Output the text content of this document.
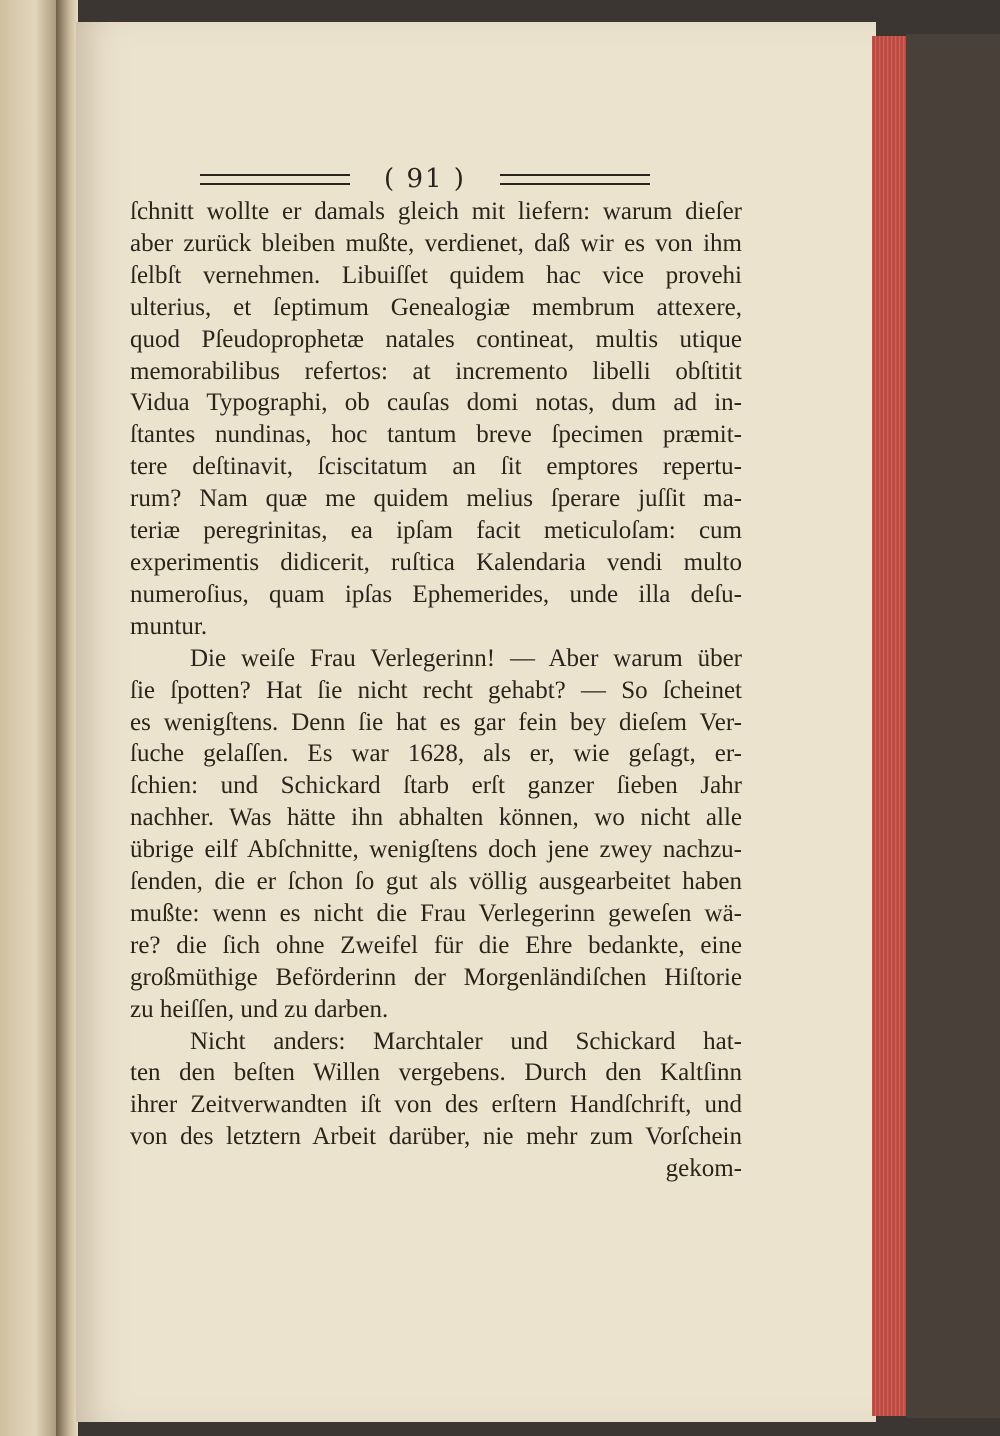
( 91 )
ſchnitt wollte er damals gleich mit liefern: warum dieſer
aber zurück bleiben mußte, verdienet, daß wir es von ihm
ſelbſt vernehmen. Libuiſſet quidem hac vice provehi
ulterius, et ſeptimum Genealogiæ membrum attexere,
quod Pſeudoprophetæ natales contineat, multis utique
memorabilibus refertos: at incremento libelli obſtitit
Vidua Typographi, ob cauſas domi notas, dum ad in-
ſtantes nundinas, hoc tantum breve ſpecimen præmit-
tere deſtinavit, ſciscitatum an ſit emptores repertu-
rum? Nam quæ me quidem melius ſperare juſſit ma-
teriæ peregrinitas, ea ipſam facit meticuloſam: cum
experimentis didicerit, ruſtica Kalendaria vendi multo
numeroſius, quam ipſas Ephemerides, unde illa deſu-
muntur.
Die weiſe Frau Verlegerinn! — Aber warum über
ſie ſpotten? Hat ſie nicht recht gehabt? — So ſcheinet
es wenigſtens. Denn ſie hat es gar fein bey dieſem Ver-
ſuche gelaſſen. Es war 1628, als er, wie geſagt, er-
ſchien: und Schickard ſtarb erſt ganzer ſieben Jahr
nachher. Was hätte ihn abhalten können, wo nicht alle
übrige eilf Abſchnitte, wenigſtens doch jene zwey nachzu-
ſenden, die er ſchon ſo gut als völlig ausgearbeitet haben
mußte: wenn es nicht die Frau Verlegerinn geweſen wä-
re? die ſich ohne Zweifel für die Ehre bedankte, eine
großmüthige Beförderinn der Morgenländiſchen Hiſtorie
zu heiſſen, und zu darben.
Nicht anders: Marchtaler und Schickard hat-
ten den beſten Willen vergebens. Durch den Kaltſinn
ihrer Zeitverwandten iſt von des erſtern Handſchrift, und
von des letztern Arbeit darüber, nie mehr zum Vorſchein
gekom-
